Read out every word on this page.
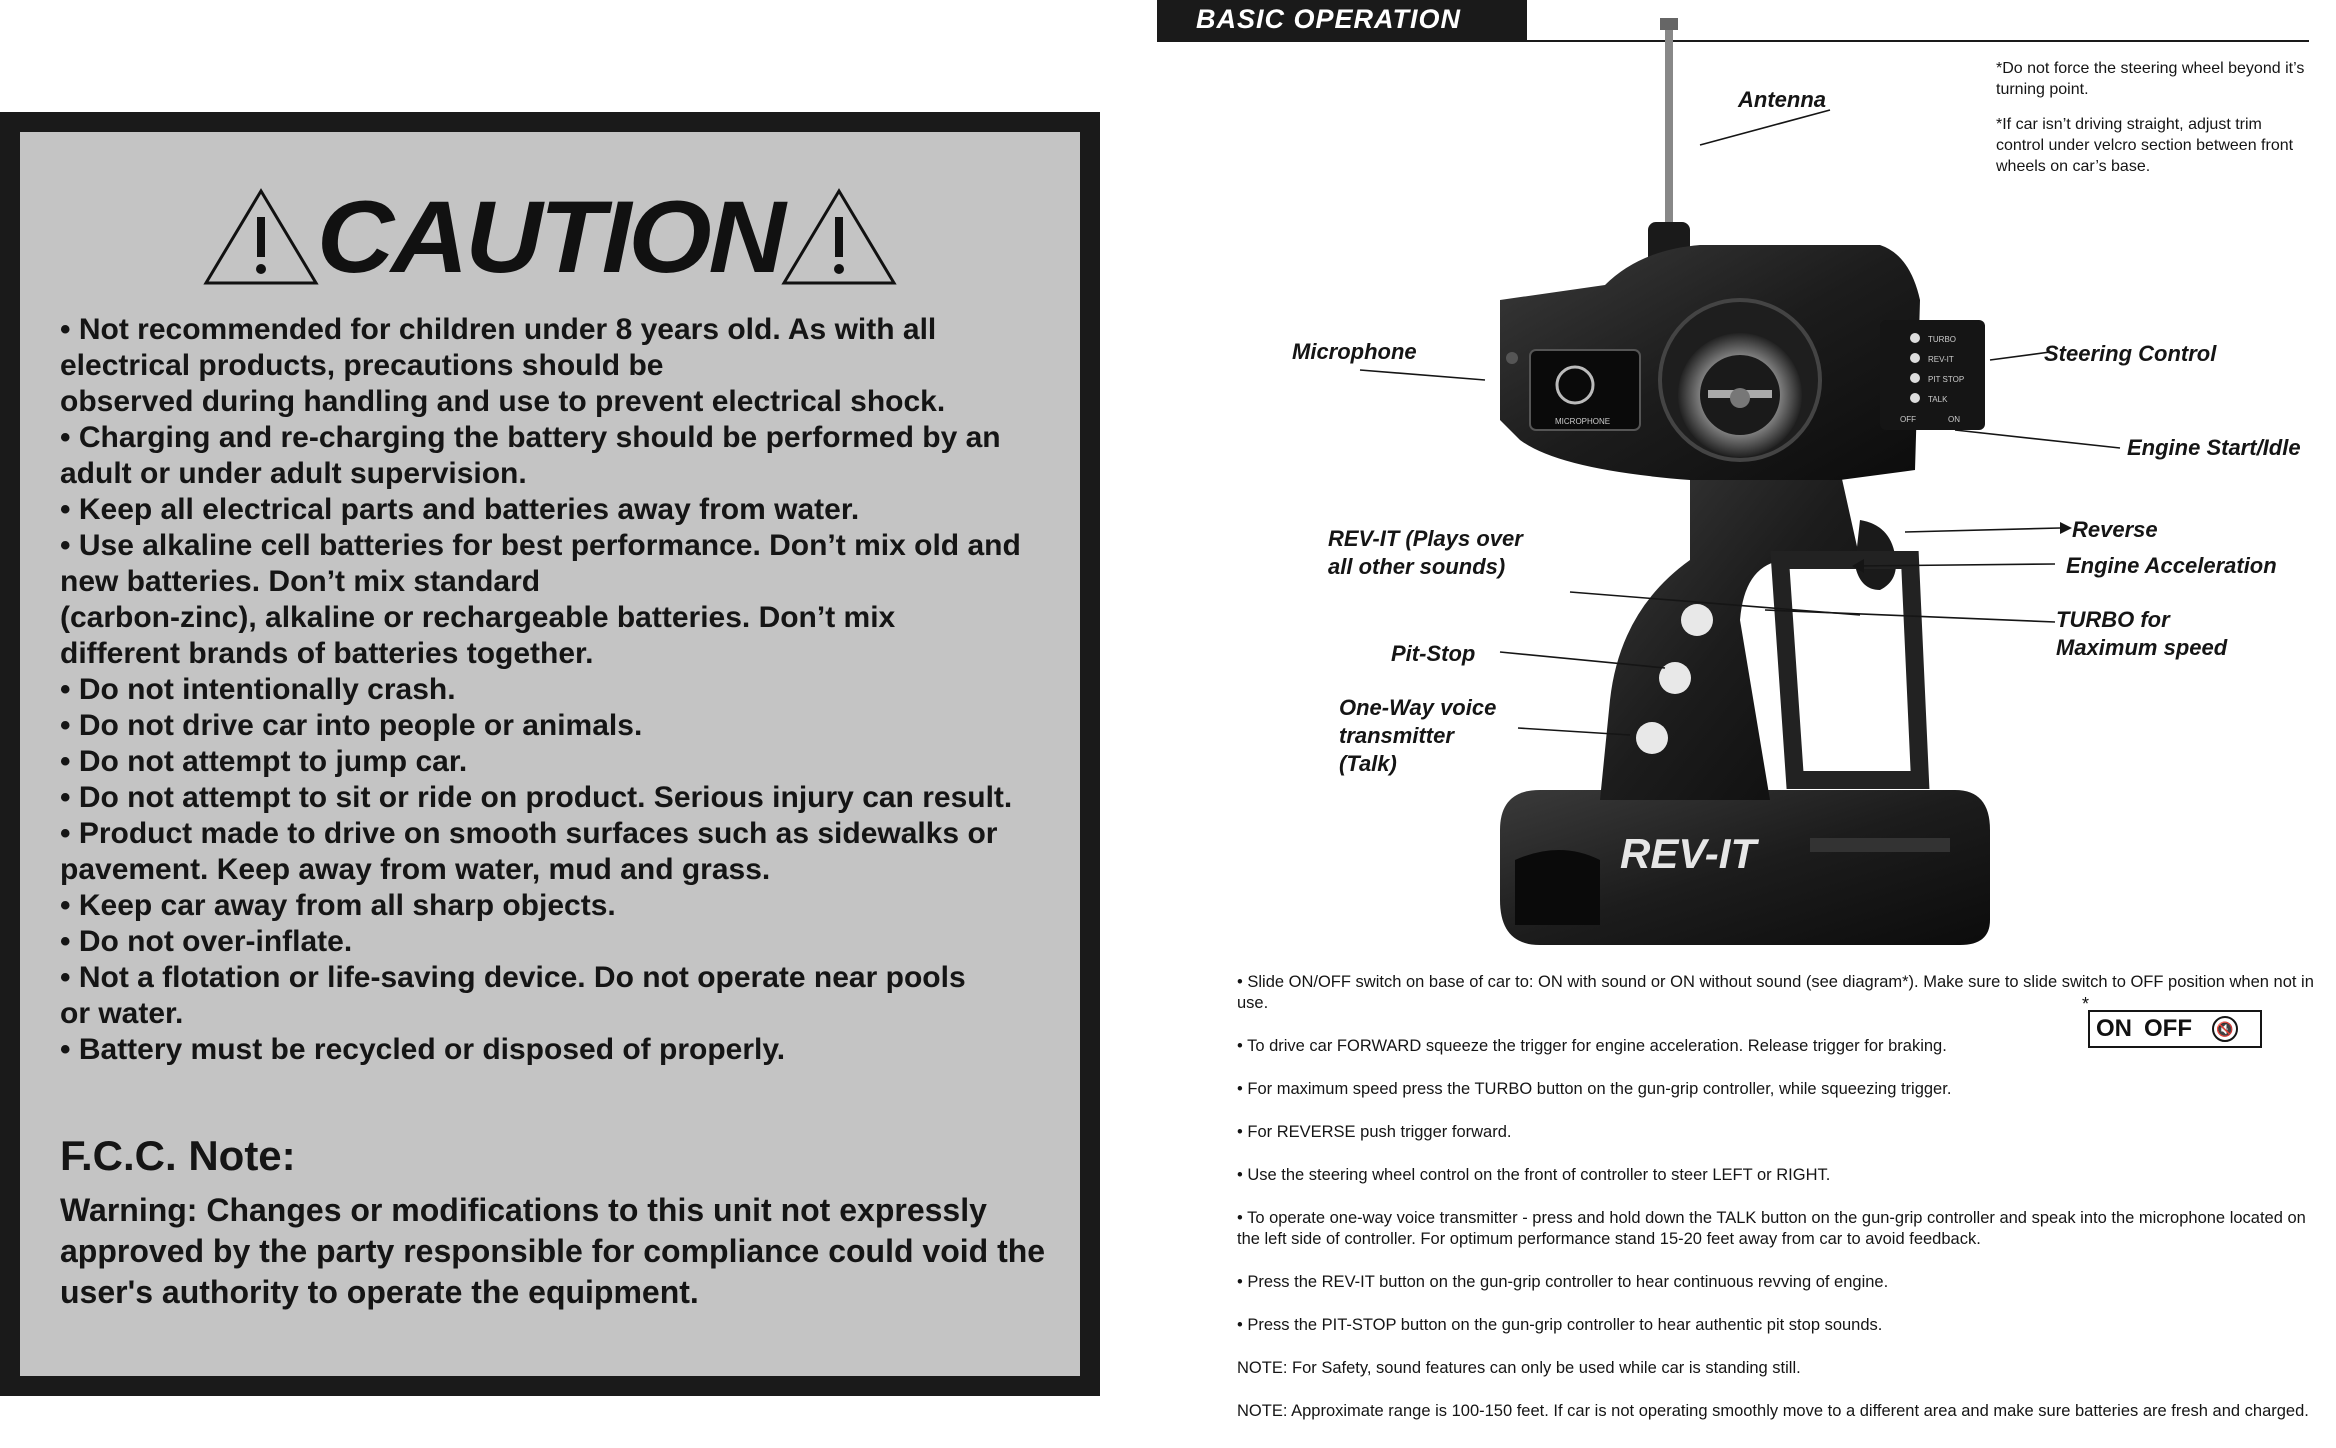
CAUTION
• Not recommended for children under 8 years old. As with all
electrical products, precautions should be
observed during handling and use to prevent electrical shock.
• Charging and re-charging the battery should be performed by an
adult or under adult supervision.
• Keep all electrical parts and batteries away from water.
• Use alkaline cell batteries for best performance. Don’t mix old and
new batteries. Don’t mix standard
(carbon-zinc), alkaline or rechargeable batteries. Don’t mix
different brands of batteries together.
• Do not intentionally crash.
• Do not drive car into people or animals.
• Do not attempt to jump car.
• Do not attempt to sit or ride on product. Serious injury can result.
• Product made to drive on smooth surfaces such as sidewalks or
pavement. Keep away from water, mud and grass.
• Keep car away from all sharp objects.
• Do not over-inflate.
• Not a flotation or life-saving device. Do not operate near pools
or water.
• Battery must be recycled or disposed of properly.
F.C.C. Note:
Warning: Changes or modifications to this unit not expressly approved by the party responsible for compliance could void the user's authority to operate the equipment.
BASIC OPERATION
REV-IT
MICROPHONE
TURBO
REV-IT
PIT STOP
TALK
OFF	ON
Antenna
Microphone	Steering Control
Engine Start/Idle
Reverse
Engine Acceleration
REV-IT (Plays over
all other sounds)
TURBO for
Maximum speed
Pit-Stop
One-Way voice
transmitter
(Talk)

*Do not force the steering wheel beyond it’s turning point.

*If car isn’t driving straight, adjust trim control under velcro section between front wheels on car’s base.

• Slide ON/OFF switch on base of car to: ON with sound or ON without sound (see diagram*). Make sure to slide switch to OFF position when not in use.

• To drive car FORWARD squeeze the trigger for engine acceleration. Release trigger for braking.

• For maximum speed press the TURBO button on the gun-grip controller, while squeezing trigger.

• For REVERSE push trigger forward.

• Use the steering wheel control on the front of controller to steer LEFT or RIGHT.

• To operate one-way voice transmitter - press and hold down the TALK button on the gun-grip controller and speak into the microphone located on the left side of controller. For optimum performance stand 15-20 feet away from car to avoid feedback.

• Press the REV-IT button on the gun-grip controller to hear continuous revving of engine.

• Press the PIT-STOP button on the gun-grip controller to hear authentic pit stop sounds.

NOTE: For Safety, sound features can only be used while car is standing still.

NOTE: Approximate range is 100-150 feet. If car is not operating smoothly move to a different area and make sure batteries are fresh and charged.

*
ON OFF	🔇
